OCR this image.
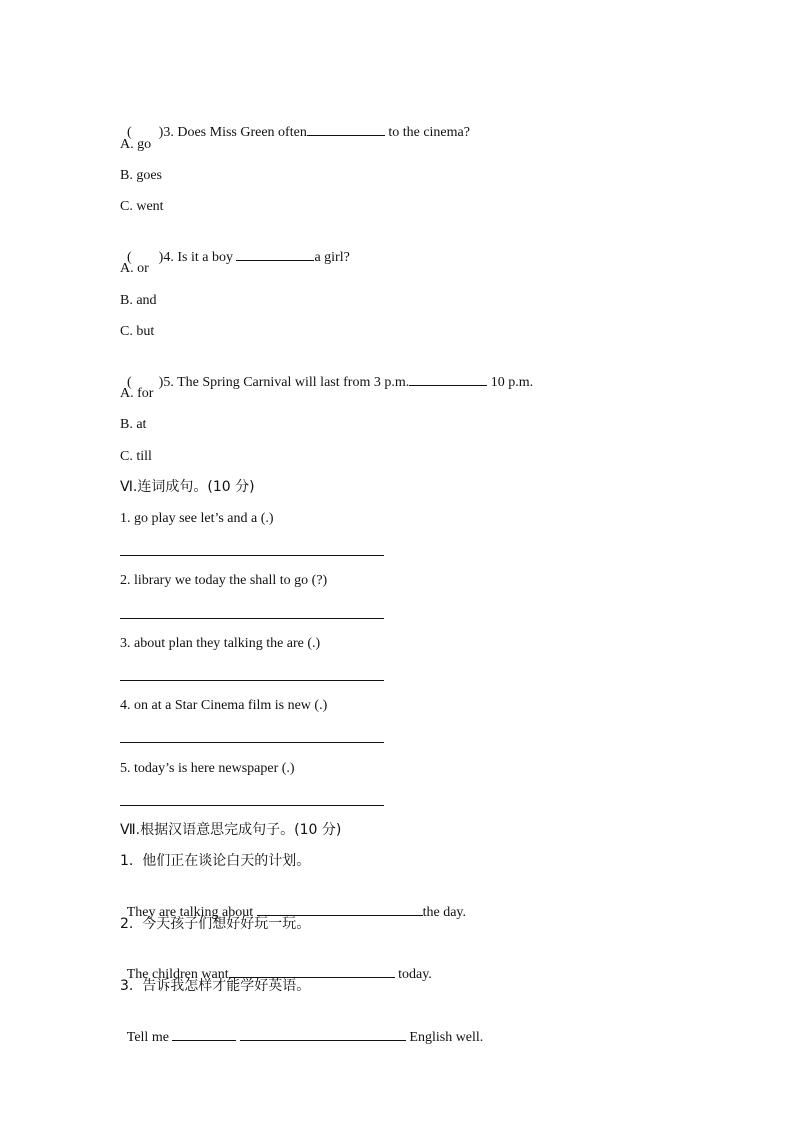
( )3. Does Miss Green often	to the cinema?

A. go
B. goes
C. went

( )4. Is it a boy	a girl?

A. or
B. and
C. but

( )5. The Spring Carnival will last from 3 p.m.	10 p.m.

A. for
B. at
C. till
Ⅵ.连词成句。(10 分)
1. go play see let’s and a (.)
2. library we today the shall to go (?)
3. about plan they talking the are (.)
4. on at a Star Cinema film is new (.)
5. today’s is here newspaper (.)
Ⅶ.根据汉语意思完成句子。(10 分)
1.  他们正在谈论白天的计划。

They are talking about	the day.

2.  今天孩子们想好好玩一玩。

The children want	today.

3.  告诉我怎样才能学好英语。

Tell me	English well.
